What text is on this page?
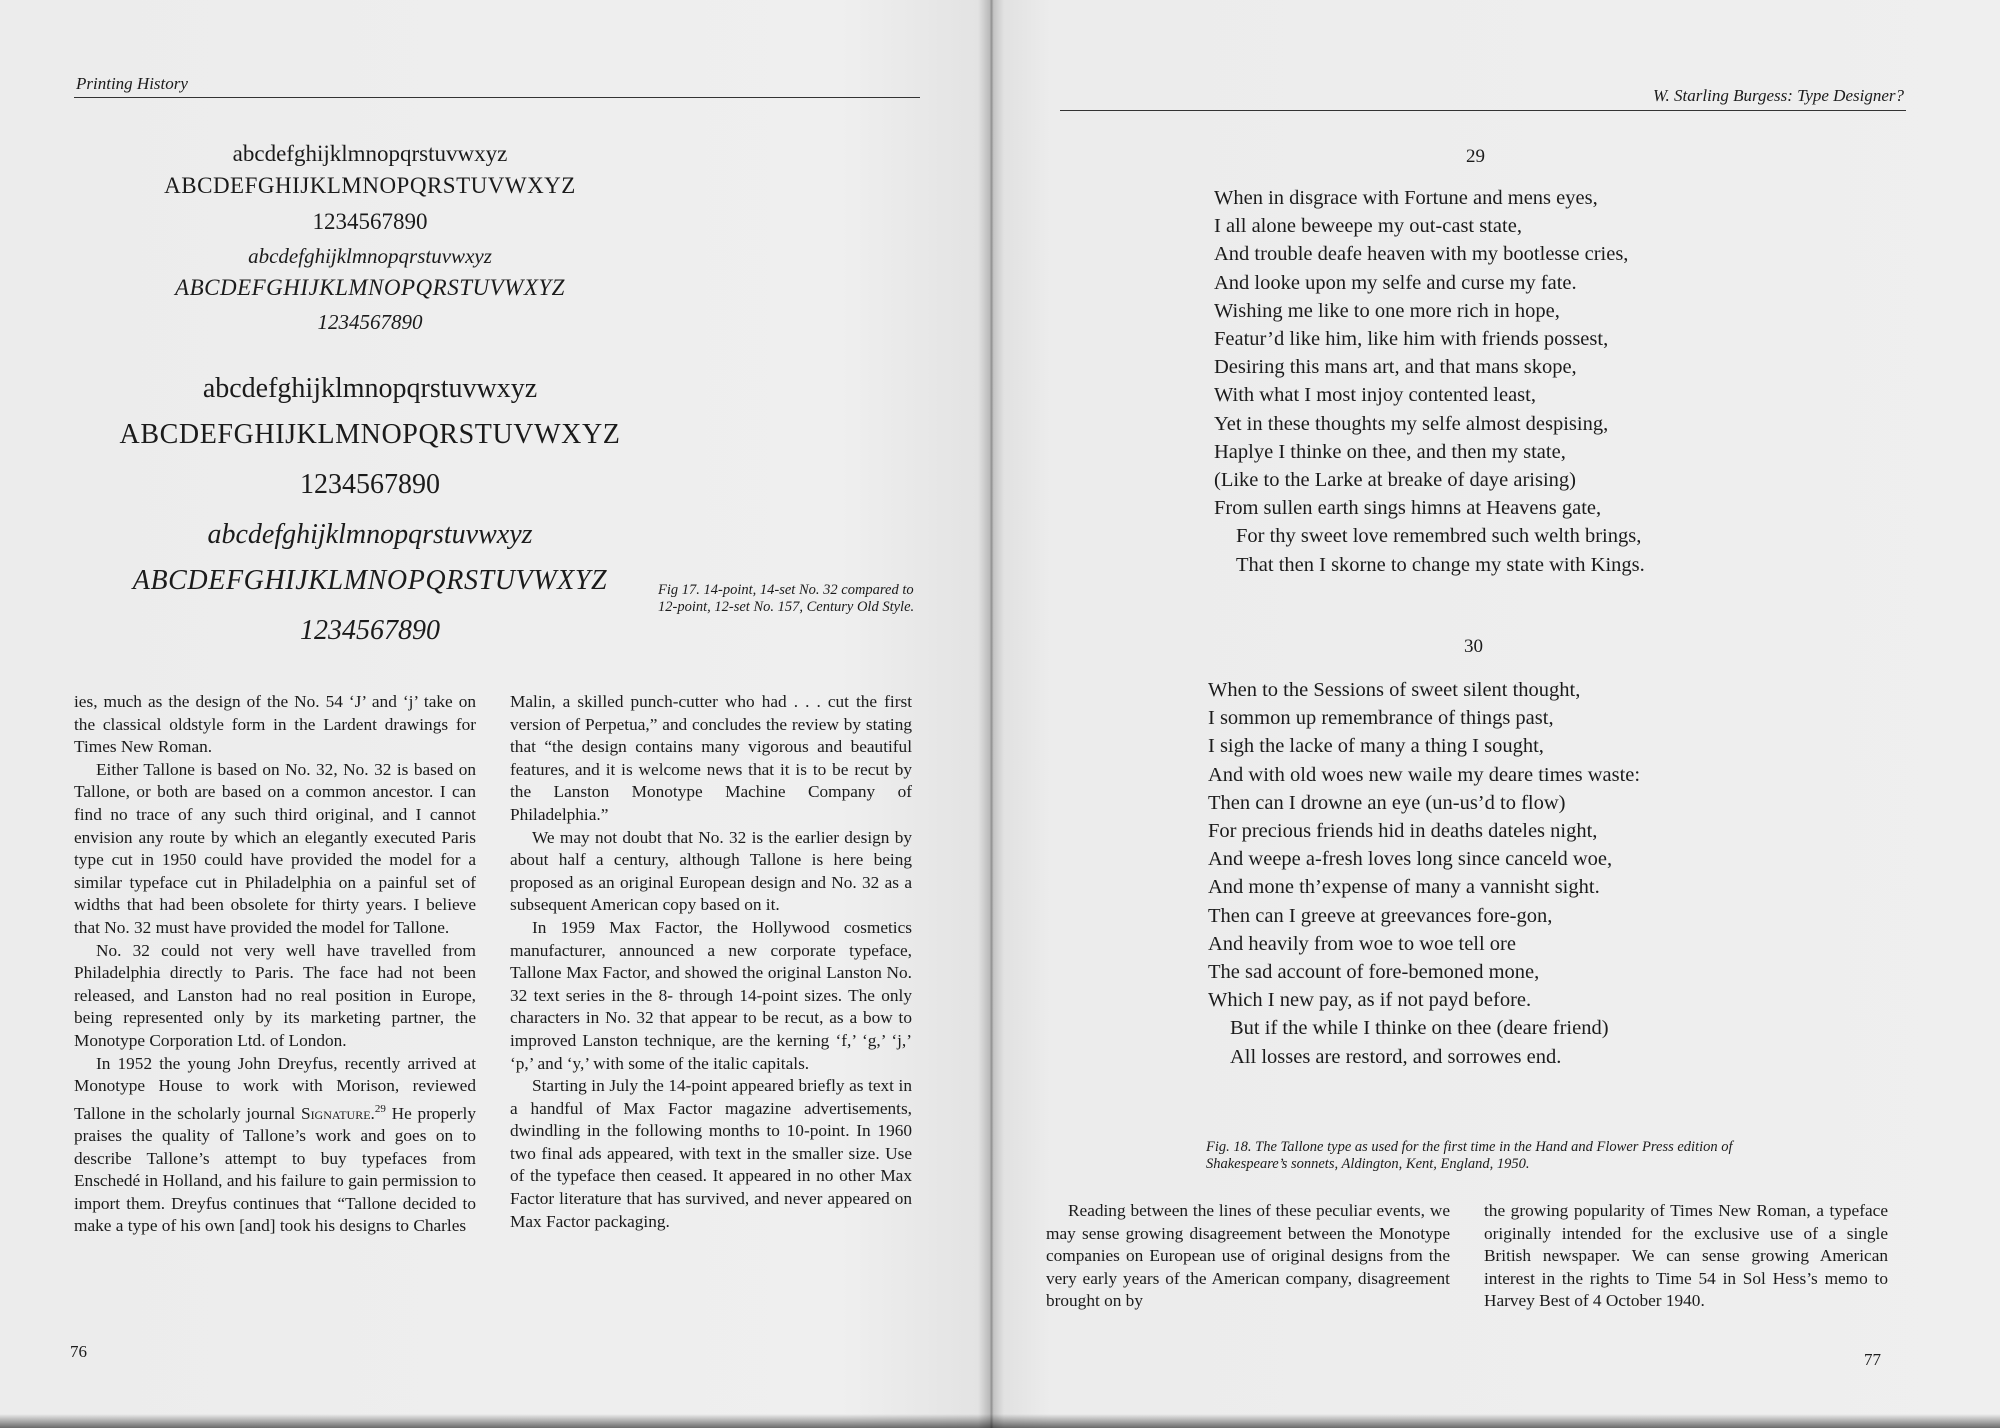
Printing History
abcdefghijklmnopqrstuvwxyz
ABCDEFGHIJKLMNOPQRSTUVWXYZ
1234567890
abcdefghijklmnopqrstuvwxyz
ABCDEFGHIJKLMNOPQRSTUVWXYZ
1234567890
abcdefghijklmnopqrstuvwxyz
ABCDEFGHIJKLMNOPQRSTUVWXYZ
1234567890
abcdefghijklmnopqrstuvwxyz
ABCDEFGHIJKLMNOPQRSTUVWXYZ
1234567890
Fig 17. 14-point, 14-set No. 32 compared to 12-point, 12-set No. 157, Century Old Style.

ies, much as the design of the No. 54 ‘J’ and ‘j’ take on the classical oldstyle form in the Lardent drawings for Times New Roman.

Either Tallone is based on No. 32, No. 32 is based on Tallone, or both are based on a common ancestor. I can find no trace of any such third original, and I cannot envision any route by which an elegantly executed Paris type cut in 1950 could have provided the model for a similar typeface cut in Philadelphia on a painful set of widths that had been obsolete for thirty years. I believe that No. 32 must have provided the model for Tallone.

No. 32 could not very well have travelled from Philadelphia directly to Paris. The face had not been released, and Lanston had no real position in Europe, being represented only by its marketing partner, the Monotype Corporation Ltd. of London.

In 1952 the young John Dreyfus, recently arrived at Monotype House to work with Morison, reviewed Tallone in the scholarly journal Signature.$^{29}$ He properly praises the quality of Tallone’s work and goes on to describe Tallone’s attempt to buy typefaces from Enschedé in Holland, and his failure to gain permission to import them. Dreyfus continues that “Tallone decided to make a type of his own [and] took his designs to Charles

Malin, a skilled punch-cutter who had . . . cut the first version of Perpetua,” and concludes the review by stating that “the design contains many vigorous and beautiful features, and it is welcome news that it is to be recut by the Lanston Monotype Machine Company of Philadelphia.”

We may not doubt that No. 32 is the earlier design by about half a century, although Tallone is here being proposed as an original European design and No. 32 as a subsequent American copy based on it.

In 1959 Max Factor, the Hollywood cosmetics manufacturer, announced a new corporate typeface, Tallone Max Factor, and showed the original Lanston No. 32 text series in the 8- through 14-point sizes. The only characters in No. 32 that appear to be recut, as a bow to improved Lanston technique, are the kerning ‘f,’ ‘g,’ ‘j,’ ‘p,’ and ‘y,’ with some of the italic capitals.

Starting in July the 14-point appeared briefly as text in a handful of Max Factor magazine advertisements, dwindling in the following months to 10-point. In 1960 two final ads appeared, with text in the smaller size. Use of the typeface then ceased. It appeared in no other Max Factor literature that has survived, and never appeared on Max Factor packaging.

76
W. Starling Burgess: Type Designer?
29
When in disgrace with Fortune and mens eyes,
I all alone beweepe my out-cast state,
And trouble deafe heaven with my bootlesse cries,
And looke upon my selfe and curse my fate.
Wishing me like to one more rich in hope,
Featur’d like him, like him with friends possest,
Desiring this mans art, and that mans skope,
With what I most injoy contented least,
Yet in these thoughts my selfe almost despising,
Haplye I thinke on thee, and then my state,
(Like to the Larke at breake of daye arising)
From sullen earth sings himns at Heavens gate,
For thy sweet love remembred such welth brings,
That then I skorne to change my state with Kings.
30
When to the Sessions of sweet silent thought,
I sommon up remembrance of things past,
I sigh the lacke of many a thing I sought,
And with old woes new waile my deare times waste:
Then can I drowne an eye (un-us’d to flow)
For precious friends hid in deaths dateles night,
And weepe a-fresh loves long since canceld woe,
And mone th’expense of many a vannisht sight.
Then can I greeve at greevances fore-gon,
And heavily from woe to woe tell ore
The sad account of fore-bemoned mone,
Which I new pay, as if not payd before.
But if the while I thinke on thee (deare friend)
All losses are restord, and sorrowes end.
Fig. 18. The Tallone type as used for the first time in the Hand and Flower Press edition of Shakespeare’s sonnets, Aldington, Kent, England, 1950.

Reading between the lines of these peculiar events, we may sense growing disagreement between the Monotype companies on European use of original designs from the very early years of the American company, disagreement brought on by

the growing popularity of Times New Roman, a typeface originally intended for the exclusive use of a single British newspaper. We can sense growing American interest in the rights to Time 54 in Sol Hess’s memo to Harvey Best of 4 October 1940.

77
